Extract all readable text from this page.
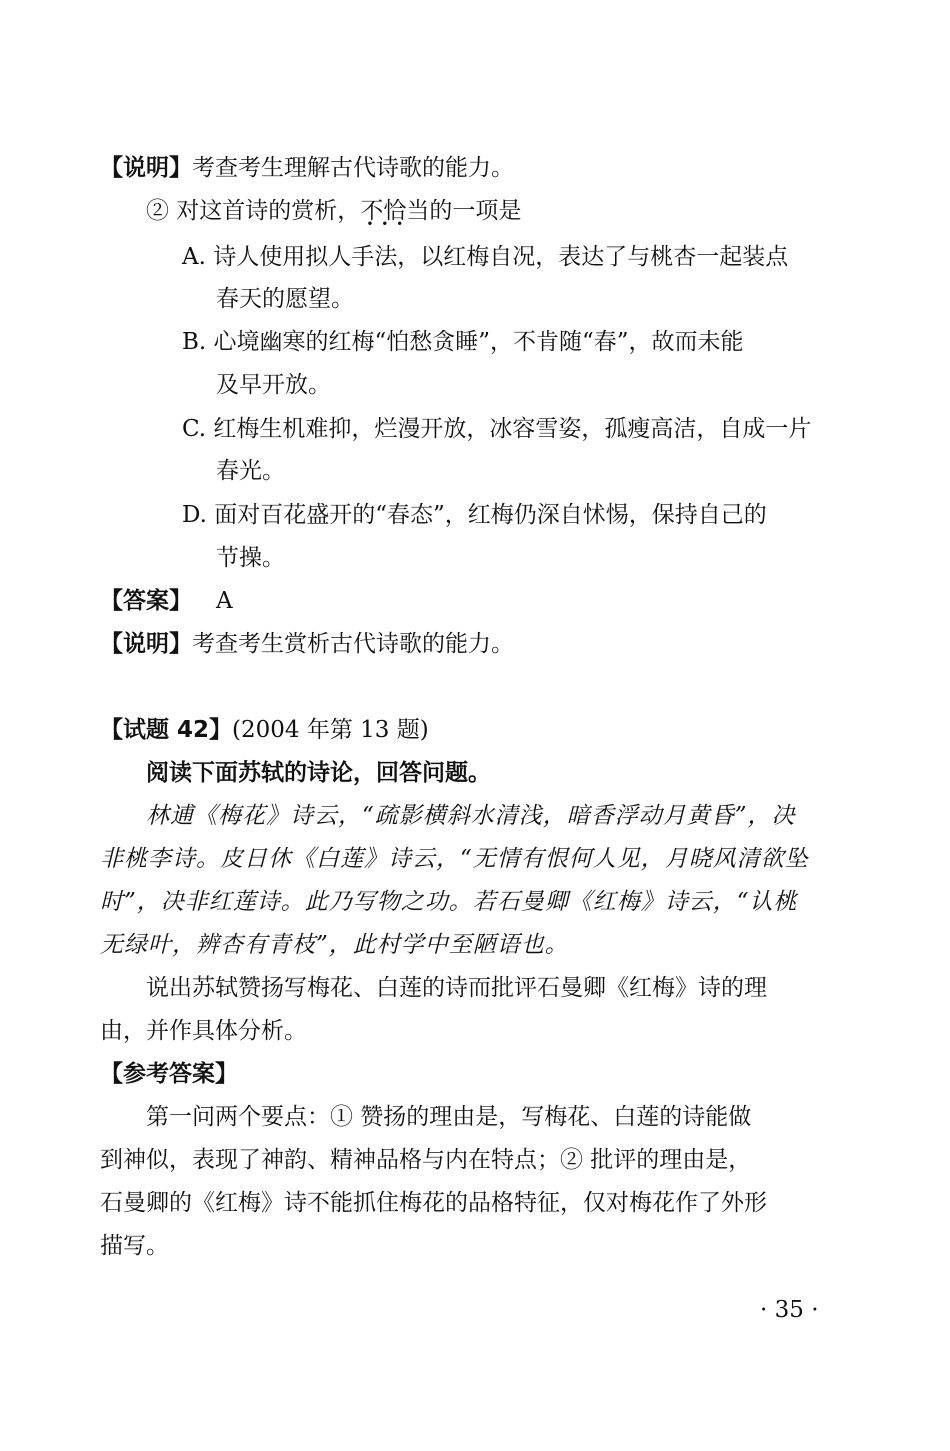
【说明】考查考生理解古代诗歌的能力。
② 对这首诗的赏析，不恰当 • • •的一项是
A. 诗人使用拟人手法，以红梅自况，表达了与桃杏一起装点
春天的愿望。
B. 心境幽寒的红梅“怕愁贪睡”，不肯随“春”，故而未能
及早开放。
C. 红梅生机难抑，烂漫开放，冰容雪姿，孤瘦高洁，自成一片
春光。
D. 面对百花盛开的“春态”，红梅仍深自怵惕，保持自己的
节操。
【答案】 A
【说明】考查考生赏析古代诗歌的能力。
【试题 42】(2004 年第 13 题)
阅读下面苏轼的诗论，回答问题。
林逋《梅花》诗云，“疏影横斜水清浅，暗香浮动月黄昏”，决
非桃李诗。皮日休《白莲》诗云，“无情有恨何人见，月晓风清欲坠
时”，决非红莲诗。此乃写物之功。若石曼卿《红梅》诗云，“认桃
无绿叶，辨杏有青枝”，此村学中至陋语也。
说出苏轼赞扬写梅花、白莲的诗而批评石曼卿《红梅》诗的理
由，并作具体分析。
【参考答案】
第一问两个要点：① 赞扬的理由是，写梅花、白莲的诗能做
到神似，表现了神韵、精神品格与内在特点；② 批评的理由是，
石曼卿的《红梅》诗不能抓住梅花的品格特征，仅对梅花作了外形
描写。
· 35 ·
